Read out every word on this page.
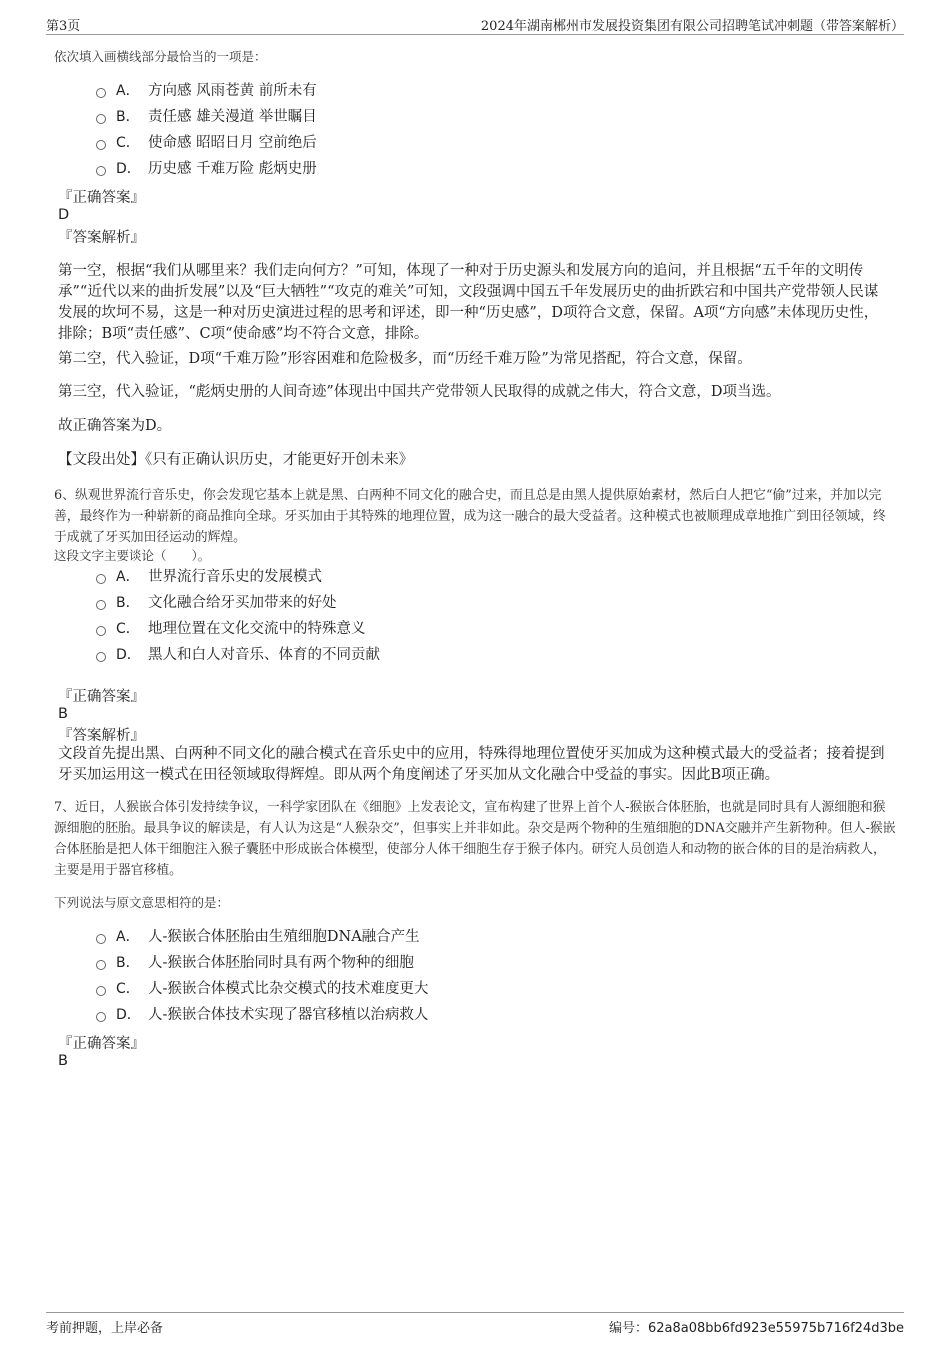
第3页	2024年湖南郴州市发展投资集团有限公司招聘笔试冲刺题（带答案解析）
依次填入画横线部分最恰当的一项是：
A． 方向感 风雨苍黄 前所未有
B． 责任感 雄关漫道 举世瞩目
C． 使命感 昭昭日月 空前绝后
D． 历史感 千难万险 彪炳史册
『正确答案』
D
『答案解析』
第一空，根据“我们从哪里来？我们走向何方？”可知，体现了一种对于历史源头和发展方向的追问，并且根据“五千年的文明传承”“近代以来的曲折发展”以及“巨大牺牲”“攻克的难关”可知，文段强调中国五千年发展历史的曲折跌宕和中国共产党带领人民谋发展的坎坷不易，这是一种对历史演进过程的思考和评述，即一种“历史感”，D项符合文意，保留。A项“方向感”未体现历史性，排除；B项“责任感”、C项“使命感”均不符合文意，排除。
第二空，代入验证，D项“千难万险”形容困难和危险极多，而“历经千难万险”为常见搭配，符合文意，保留。
第三空，代入验证，“彪炳史册的人间奇迹”体现出中国共产党带领人民取得的成就之伟大，符合文意，D项当选。
故正确答案为D。
【文段出处】《只有正确认识历史，才能更好开创未来》
6、纵观世界流行音乐史，你会发现它基本上就是黑、白两种不同文化的融合史，而且总是由黑人提供原始素材，然后白人把它“偷”过来，并加以完善，最终作为一种崭新的商品推向全球。牙买加由于其特殊的地理位置，成为这一融合的最大受益者。这种模式也被顺理成章地推广到田径领域，终于成就了牙买加田径运动的辉煌。
这段文字主要谈论（　　）。
A． 世界流行音乐史的发展模式
B． 文化融合给牙买加带来的好处
C． 地理位置在文化交流中的特殊意义
D． 黑人和白人对音乐、体育的不同贡献
『正确答案』
B
『答案解析』
文段首先提出黑、白两种不同文化的融合模式在音乐史中的应用，特殊得地理位置使牙买加成为这种模式最大的受益者；接着提到牙买加运用这一模式在田径领域取得辉煌。即从两个角度阐述了牙买加从文化融合中受益的事实。因此B项正确。
7、近日，人猴嵌合体引发持续争议，一科学家团队在《细胞》上发表论文，宣布构建了世界上首个人-猴嵌合体胚胎，也就是同时具有人源细胞和猴源细胞的胚胎。最具争议的解读是，有人认为这是“人猴杂交”，但事实上并非如此。杂交是两个物种的生殖细胞的DNA交融并产生新物种。但人-猴嵌合体胚胎是把人体干细胞注入猴子囊胚中形成嵌合体模型，使部分人体干细胞生存于猴子体内。研究人员创造人和动物的嵌合体的目的是治病救人，主要是用于器官移植。
下列说法与原文意思相符的是：
A． 人-猴嵌合体胚胎由生殖细胞DNA融合产生
B． 人-猴嵌合体胚胎同时具有两个物种的细胞
C． 人-猴嵌合体模式比杂交模式的技术难度更大
D． 人-猴嵌合体技术实现了器官移植以治病救人
『正确答案』
B
考前押题，上岸必备	编号：62a8a08bb6fd923e55975b716f24d3be
